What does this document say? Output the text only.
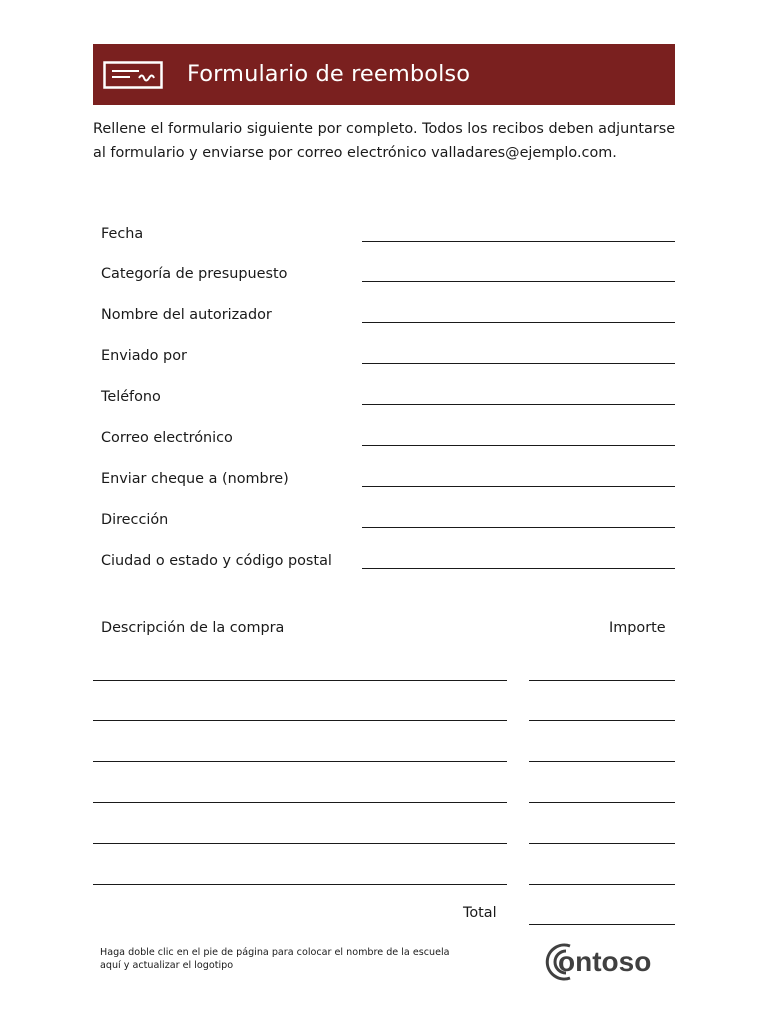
Formulario de reembolso

Rellene el formulario siguiente por completo. Todos los recibos deben adjuntarse al formulario y enviarse por correo electrónico valladares@ejemplo.com.

Fecha
Categoría de presupuesto
Nombre del autorizador
Enviado por
Teléfono
Correo electrónico
Enviar cheque a (nombre)
Dirección
Ciudad o estado y código postal
Descripción de la compra	Importe
Total

Haga doble clic en el pie de página para colocar el nombre de la escuela aquí y actualizar el logotipo	ontoso
